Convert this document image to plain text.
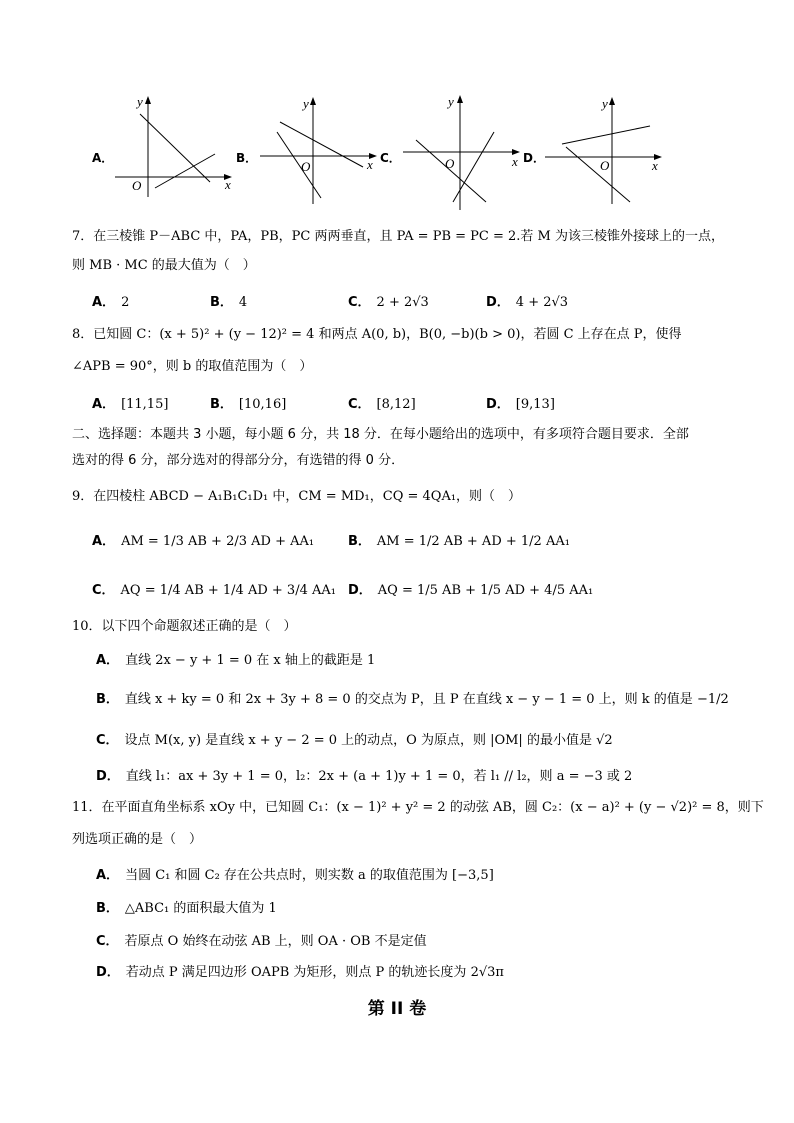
A．
y
x
O
B．
y
x
O
C．
y
x
O	D．
y
x
O
7．在三棱锥 P－ABC 中，PA，PB，PC 两两垂直，且 PA = PB = PC = 2.若 M 为该三棱锥外接球上的一点，
则 MB · MC 的最大值为（　）
A． 2	B． 4	C． 2 + 2√3	D． 4 + 2√3
8．已知圆 C：(x + 5)² + (y − 12)² = 4 和两点 A(0, b)，B(0, −b)(b > 0)，若圆 C 上存在点 P，使得
∠APB = 90°，则 b 的取值范围为（　）
A． [11,15]	B． [10,16]	C． [8,12]	D． [9,13]
二、选择题：本题共 3 小题，每小题 6 分，共 18 分．在每小题给出的选项中，有多项符合题目要求．全部
选对的得 6 分，部分选对的得部分分，有选错的得 0 分．
9．在四棱柱 ABCD − A₁B₁C₁D₁ 中，CM = MD₁，CQ = 4QA₁，则（　）
A． AM = 1/3 AB + 2/3 AD + AA₁	B． AM = 1/2 AB + AD + 1/2 AA₁
C． AQ = 1/4 AB + 1/4 AD + 3/4 AA₁ D． AQ = 1/5 AB + 1/5 AD + 4/5 AA₁
10．以下四个命题叙述正确的是（　）
A． 直线 2x − y + 1 = 0 在 x 轴上的截距是 1
B． 直线 x + ky = 0 和 2x + 3y + 8 = 0 的交点为 P，且 P 在直线 x − y − 1 = 0 上，则 k 的值是 −1/2
C． 设点 M(x, y) 是直线 x + y − 2 = 0 上的动点，O 为原点，则 |OM| 的最小值是 √2
D． 直线 l₁：ax + 3y + 1 = 0，l₂：2x + (a + 1)y + 1 = 0，若 l₁ // l₂，则 a = −3 或 2
11．在平面直角坐标系 xOy 中，已知圆 C₁：(x − 1)² + y² = 2 的动弦 AB，圆 C₂：(x − a)² + (y − √2)² = 8，则下
列选项正确的是（　）
A． 当圆 C₁ 和圆 C₂ 存在公共点时，则实数 a 的取值范围为 [−3,5]
B． △ABC₁ 的面积最大值为 1
C． 若原点 O 始终在动弦 AB 上，则 OA · OB 不是定值
D． 若动点 P 满足四边形 OAPB 为矩形，则点 P 的轨迹长度为 2√3π
第 II 卷
